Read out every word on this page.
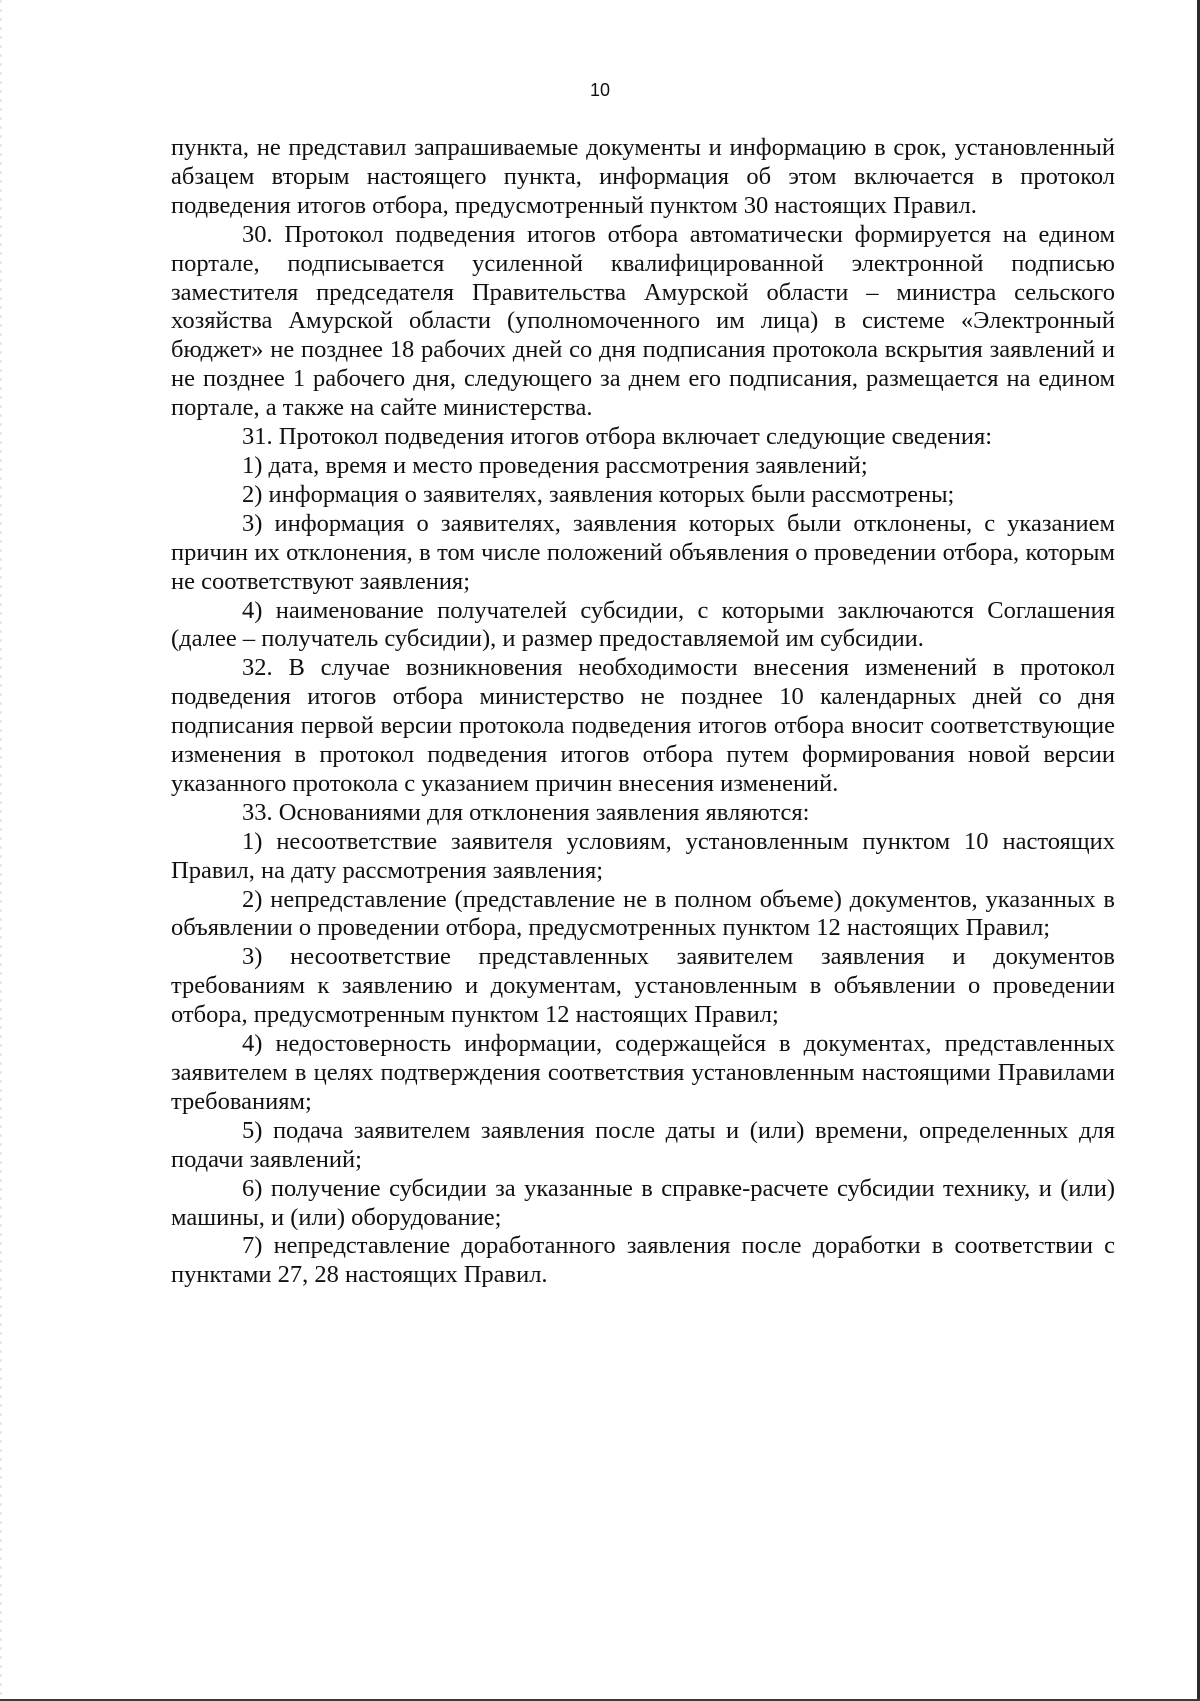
10

пункта, не представил запрашиваемые документы и информацию в срок, установленный абзацем вторым настоящего пункта, информация об этом включается в протокол подведения итогов отбора, предусмотренный пунктом 30 настоящих Правил.

30. Протокол подведения итогов отбора автоматически формируется на едином портале, подписывается усиленной квалифицированной электронной подписью заместителя председателя Правительства Амурской области – министра сельского хозяйства Амурской области (уполномоченного им лица) в системе «Электронный бюджет» не позднее 18 рабочих дней со дня подписания протокола вскрытия заявлений и не позднее 1 рабочего дня, следующего за днем его подписания, размещается на едином портале, а также на сайте министерства.

31. Протокол подведения итогов отбора включает следующие сведения:

1) дата, время и место проведения рассмотрения заявлений;

2) информация о заявителях, заявления которых были рассмотрены;

3) информация о заявителях, заявления которых были отклонены, с указанием причин их отклонения, в том числе положений объявления о проведении отбора, которым не соответствуют заявления;

4) наименование получателей субсидии, с которыми заключаются Соглашения (далее – получатель субсидии), и размер предоставляемой им субсидии.

32. В случае возникновения необходимости внесения изменений в протокол подведения итогов отбора министерство не позднее 10 календарных дней со дня подписания первой версии протокола подведения итогов отбора вносит соответствующие изменения в протокол подведения итогов отбора путем формирования новой версии указанного протокола с указанием причин внесения изменений.

33. Основаниями для отклонения заявления являются:

1) несоответствие заявителя условиям, установленным пунктом 10 настоящих Правил, на дату рассмотрения заявления;

2) непредставление (представление не в полном объеме) документов, указанных в объявлении о проведении отбора, предусмотренных пунктом 12 настоящих Правил;

3) несоответствие представленных заявителем заявления и документов требованиям к заявлению и документам, установленным в объявлении о проведении отбора, предусмотренным пунктом 12 настоящих Правил;

4) недостоверность информации, содержащейся в документах, представленных заявителем в целях подтверждения соответствия установленным настоящими Правилами требованиям;

5) подача заявителем заявления после даты и (или) времени, определенных для подачи заявлений;

6) получение субсидии за указанные в справке-расчете субсидии технику, и (или) машины, и (или) оборудование;

7) непредставление доработанного заявления после доработки в соответствии с пунктами 27, 28 настоящих Правил.
